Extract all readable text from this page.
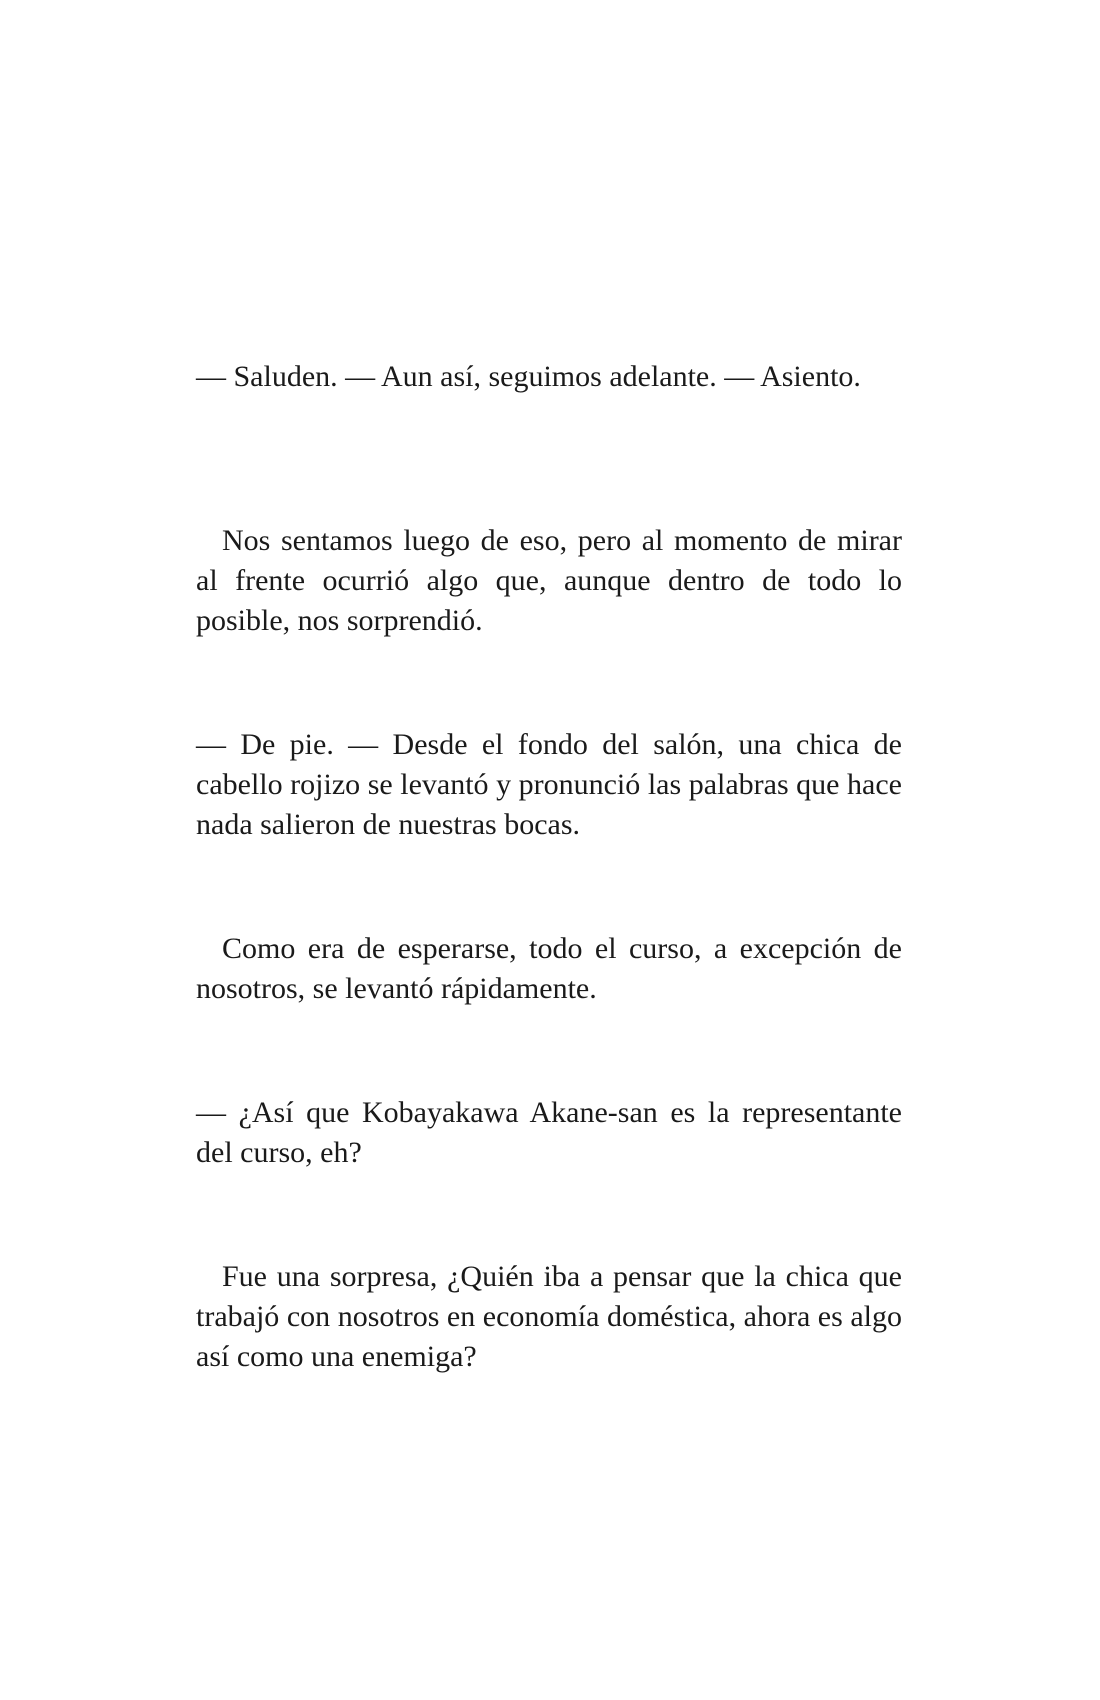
— Saluden. — Aun así, seguimos adelante. — Asiento.

Nos sentamos luego de eso, pero al momento de mirar al frente ocurrió algo que, aunque dentro de todo lo posible, nos sorprendió.

— De pie. — Desde el fondo del salón, una chica de cabello rojizo se levantó y pronunció las palabras que hace nada salieron de nuestras bocas.

Como era de esperarse, todo el curso, a excepción de nosotros, se levantó rápidamente.

— ¿Así que Kobayakawa Akane-san es la representante del curso, eh?

Fue una sorpresa, ¿Quién iba a pensar que la chica que trabajó con nosotros en economía doméstica, ahora es algo así como una enemiga?
